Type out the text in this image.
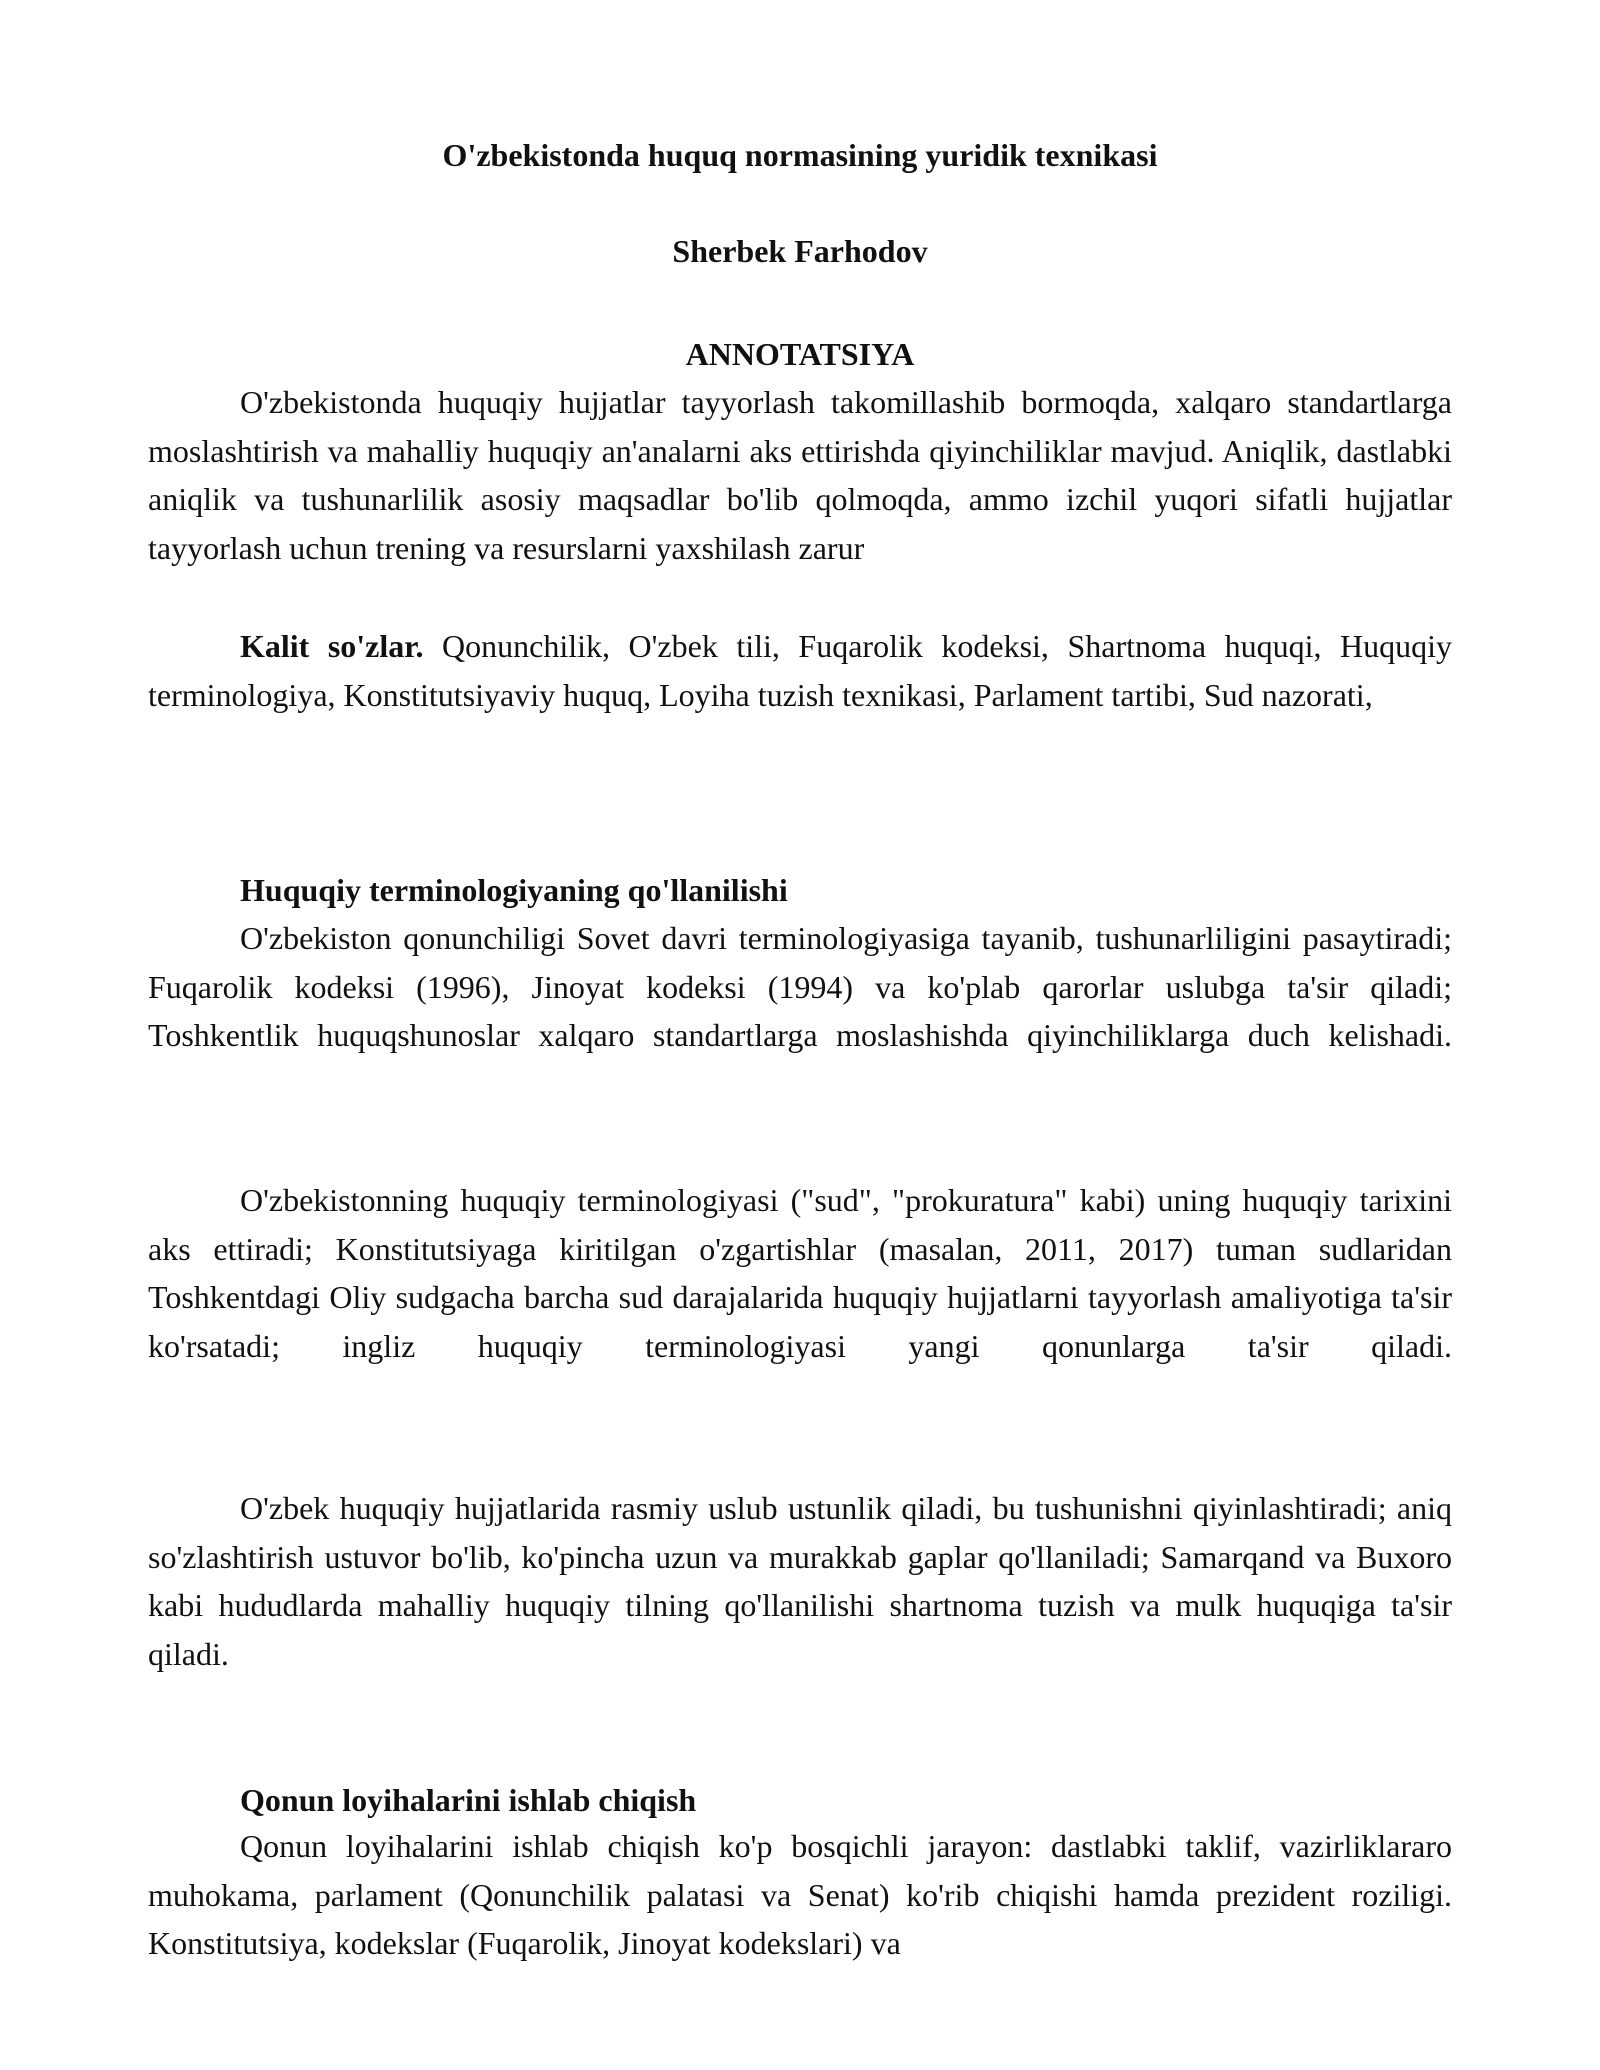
O'zbekistonda huquq normasining yuridik texnikasi
Sherbek Farhodov
ANNOTATSIYA

O'zbekistonda huquqiy hujjatlar tayyorlash takomillashib bormoqda, xalqaro standartlarga moslashtirish va mahalliy huquqiy an'analarni aks ettirishda qiyinchiliklar mavjud. Aniqlik, dastlabki aniqlik va tushunarlilik asosiy maqsadlar bo'lib qolmoqda, ammo izchil yuqori sifatli hujjatlar tayyorlash uchun trening va resurslarni yaxshilash zarur

Kalit so'zlar. Qonunchilik, O'zbek tili, Fuqarolik kodeksi, Shartnoma huquqi, Huquqiy terminologiya, Konstitutsiyaviy huquq, Loyiha tuzish texnikasi, Parlament tartibi, Sud nazorati,

Huquqiy terminologiyaning qo'llanilishi

O'zbekiston qonunchiligi Sovet davri terminologiyasiga tayanib, tushunarliligini pasaytiradi; Fuqarolik kodeksi (1996), Jinoyat kodeksi (1994) va ko'plab qarorlar uslubga ta'sir qiladi; Toshkentlik huquqshunoslar xalqaro standartlarga moslashishda qiyinchiliklarga duch kelishadi.

O'zbekistonning huquqiy terminologiyasi ("sud", "prokuratura" kabi) uning huquqiy tarixini aks ettiradi; Konstitutsiyaga kiritilgan o'zgartishlar (masalan, 2011, 2017) tuman sudlaridan Toshkentdagi Oliy sudgacha barcha sud darajalarida huquqiy hujjatlarni tayyorlash amaliyotiga ta'sir ko'rsatadi; ingliz huquqiy terminologiyasi yangi qonunlarga ta'sir qiladi.

O'zbek huquqiy hujjatlarida rasmiy uslub ustunlik qiladi, bu tushunishni qiyinlashtiradi; aniq so'zlashtirish ustuvor bo'lib, ko'pincha uzun va murakkab gaplar qo'llaniladi; Samarqand va Buxoro kabi hududlarda mahalliy huquqiy tilning qo'llanilishi shartnoma tuzish va mulk huquqiga ta'sir qiladi.

Qonun loyihalarini ishlab chiqish

Qonun loyihalarini ishlab chiqish ko'p bosqichli jarayon: dastlabki taklif, vazirliklararo muhokama, parlament (Qonunchilik palatasi va Senat) ko'rib chiqishi hamda prezident roziligi. Konstitutsiya, kodekslar (Fuqarolik, Jinoyat kodekslari) va
